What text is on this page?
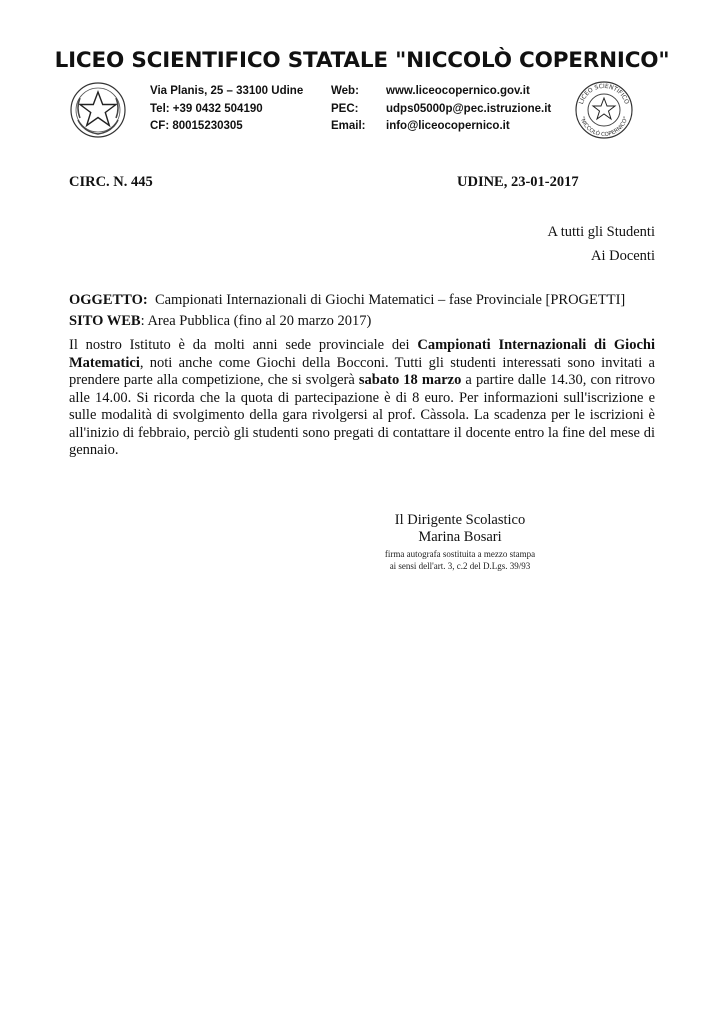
LICEO SCIENTIFICO STATALE "NICCOLÒ COPERNICO"
LICEO SCIENTIFICO
"NICCOLÒ COPERNICO"
Via Planis, 25 – 33100 Udine
Tel: +39 0432 504190
CF: 80015230305
Web:
PEC:
Email:
www.liceocopernico.gov.it
udps05000p@pec.istruzione.it
info@liceocopernico.it
CIRC. N. 445	UDINE, 23-01-2017
A tutti gli Studenti
Ai Docenti
OGGETTO: Campionati Internazionali di Giochi Matematici – fase Provinciale [PROGETTI]
SITO WEB: Area Pubblica (fino al 20 marzo 2017)
Il nostro Istituto è da molti anni sede provinciale dei Campionati Internazionali di Giochi Matematici, noti anche come Giochi della Bocconi. Tutti gli studenti interessati sono invitati a prendere parte alla competizione, che si svolgerà sabato 18 marzo a partire dalle 14.30, con ritrovo alle 14.00. Si ricorda che la quota di partecipazione è di 8 euro. Per informazioni sull'iscrizione e sulle modalità di svolgimento della gara rivolgersi al prof. Càssola. La scadenza per le iscrizioni è all'inizio di febbraio, perciò gli studenti sono pregati di contattare il docente entro la fine del mese di gennaio.
Il Dirigente Scolastico
Marina Bosari
firma autografa sostituita a mezzo stampa
ai sensi dell'art. 3, c.2 del D.Lgs. 39/93
